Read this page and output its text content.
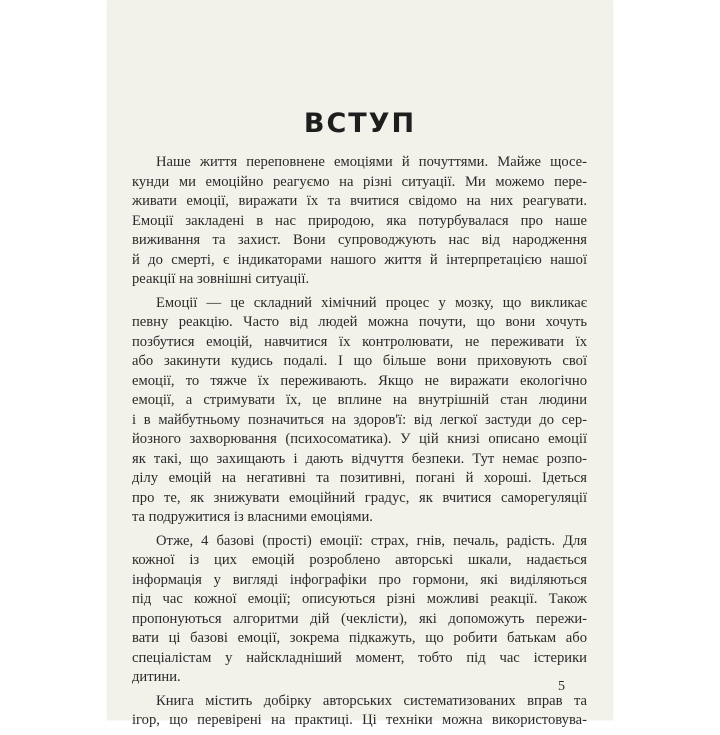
ВСТУП
Наше життя переповнене емоціями й почуттями. Майже щосе-
кунди ми емоційно реагуємо на різні ситуації. Ми можемо пере-
живати емоції, виражати їх та вчитися свідомо на них реагувати.
Емоції закладені в нас природою, яка потурбувалася про наше
виживання та захист. Вони супроводжують нас від народження
й до смерті, є індикаторами нашого життя й інтерпретацією нашої
реакції на зовнішні ситуації.
Емоції — це складний хімічний процес у мозку, що викликає
певну реакцію. Часто від людей можна почути, що вони хочуть
позбутися емоцій, навчитися їх контролювати, не переживати їх
або закинути кудись подалі. І що більше вони приховують свої
емоції, то тяжче їх переживають. Якщо не виражати екологічно
емоції, а стримувати їх, це вплине на внутрішній стан людини
і в майбутньому позначиться на здоров'ї: від легкої застуди до сер-
йозного захворювання (психосоматика). У цій книзі описано емоції
як такі, що захищають і дають відчуття безпеки. Тут немає розпо-
ділу емоцій на негативні та позитивні, погані й хороші. Ідеться
про те, як знижувати емоційний градус, як вчитися саморегуляції
та подружитися із власними емоціями.
Отже, 4 базові (прості) емоції: страх, гнів, печаль, радість. Для
кожної із цих емоцій розроблено авторські шкали, надається
інформація у вигляді інфографіки про гормони, які виділяються
під час кожної емоції; описуються різні можливі реакції. Також
пропонуються алгоритми дій (чеклісти), які допоможуть пережи-
вати ці базові емоції, зокрема підкажуть, що робити батькам або
спеціалістам у найскладніший момент, тобто під час істерики
дитини.
Книга містить добірку авторських систематизованих вправ та
ігор, що перевірені на практиці. Ці техніки можна використовува-
5
